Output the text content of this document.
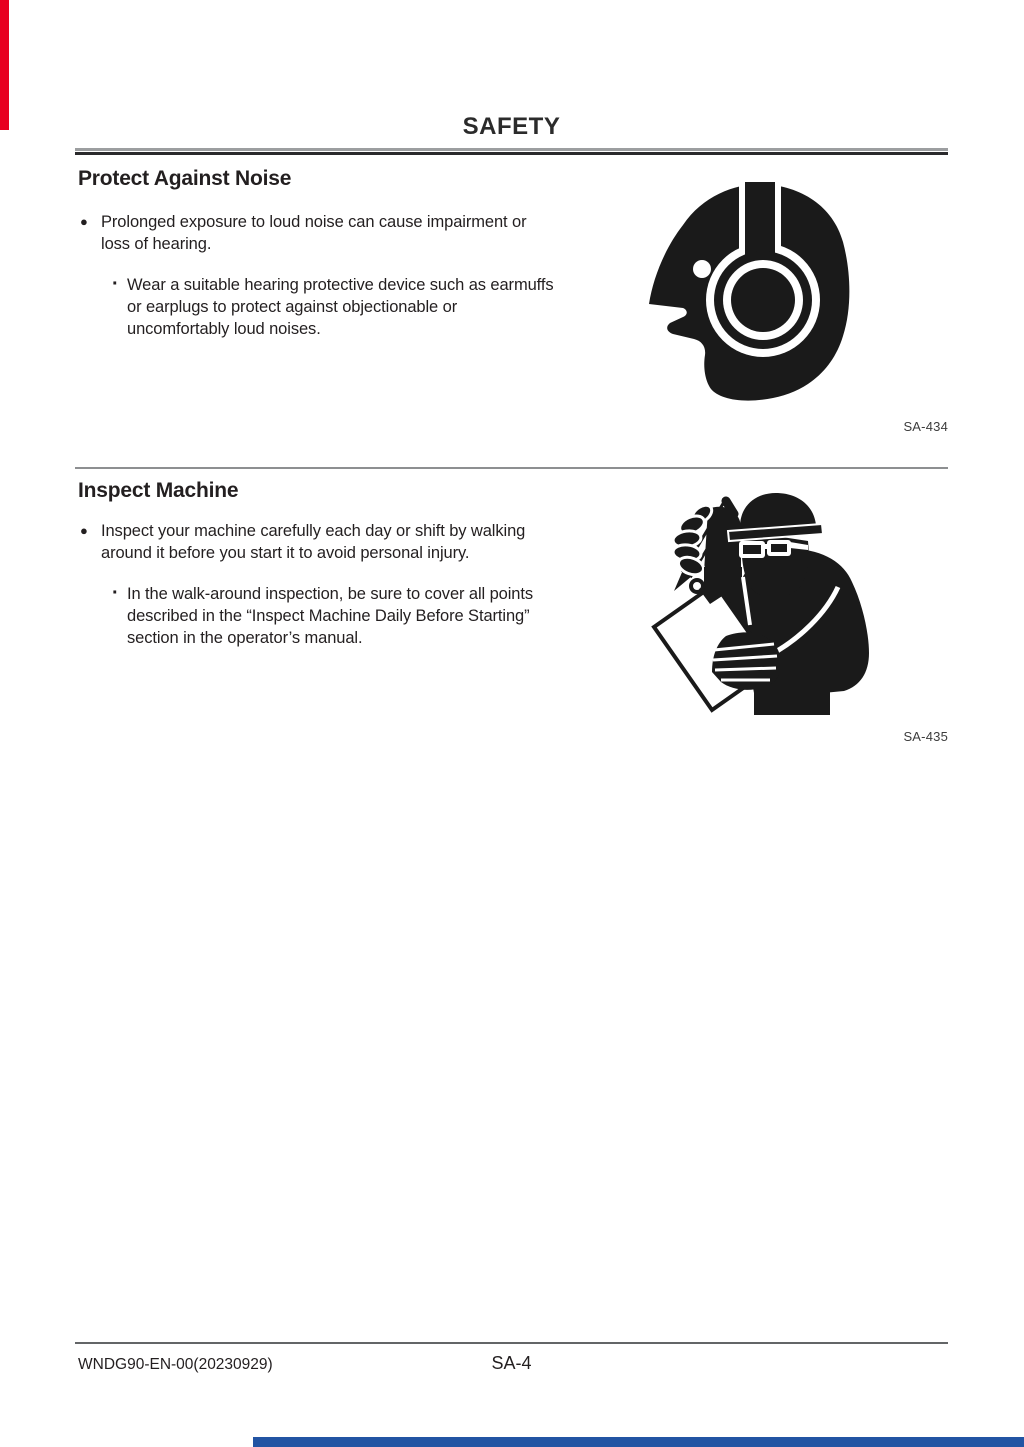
SAFETY
Protect Against Noise
● Prolonged exposure to loud noise can cause impairment or loss of hearing.
· Wear a suitable hearing protective device such as earmuffs or earplugs to protect against objectionable or uncomfortably loud noises.
SA-434
Inspect Machine
● Inspect your machine carefully each day or shift by walking around it before you start it to avoid personal injury.
· In the walk-around inspection, be sure to cover all points described in the “Inspect Machine Daily Before Starting” section in the operator’s manual.
SA-435
WNDG90-EN-00(20230929)	SA-4
